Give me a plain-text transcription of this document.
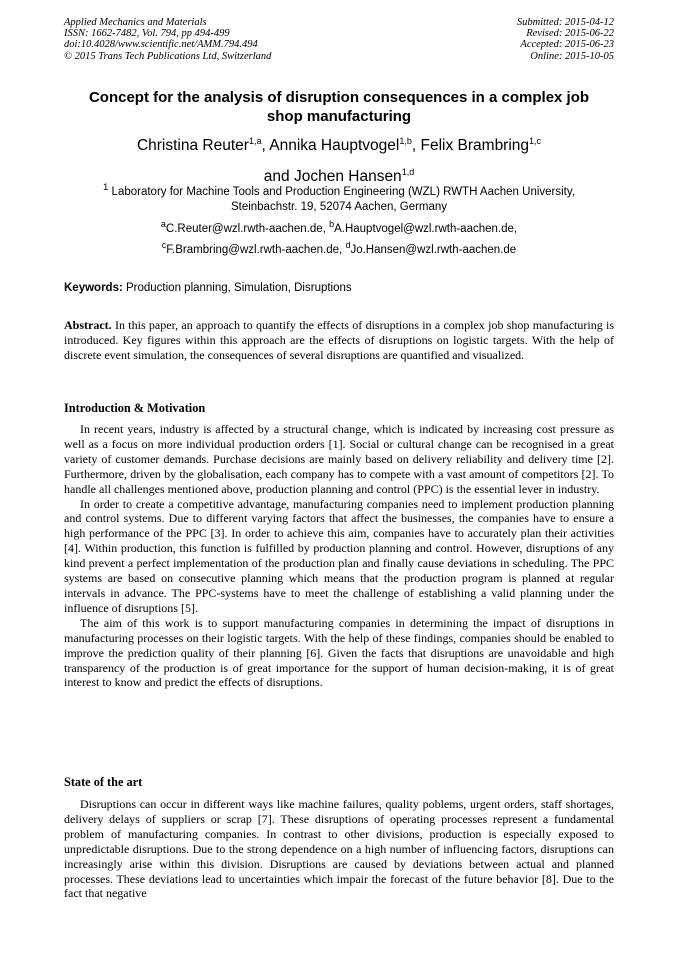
Applied Mechanics and Materials
ISSN: 1662-7482, Vol. 794, pp 494-499
doi:10.4028/www.scientific.net/AMM.794.494
© 2015 Trans Tech Publications Ltd, Switzerland
Submitted: 2015-04-12
Revised: 2015-06-22
Accepted: 2015-06-23
Online: 2015-10-05
Concept for the analysis of disruption consequences in a complex job
shop manufacturing
Christina Reuter$^{1,a}$, Annika Hauptvogel$^{1,b}$, Felix Brambring$^{1,c}$
and Jochen Hansen$^{1,d}$
$^1$ Laboratory for Machine Tools and Production Engineering (WZL) RWTH Aachen University,
Steinbachstr. 19, 52074 Aachen, Germany
$^a$C.Reuter@wzl.rwth-aachen.de, $^b$A.Hauptvogel@wzl.rwth-aachen.de,
$^c$F.Brambring@wzl.rwth-aachen.de, $^d$Jo.Hansen@wzl.rwth-aachen.de
Keywords: Production planning, Simulation, Disruptions

Abstract. In this paper, an approach to quantify the effects of disruptions in a complex job shop manufacturing is introduced. Key figures within this approach are the effects of disruptions on logistic targets. With the help of discrete event simulation, the consequences of several disruptions are quantified and visualized.

Introduction & Motivation

In recent years, industry is affected by a structural change, which is indicated by increasing cost pressure as well as a focus on more individual production orders [1]. Social or cultural change can be recognised in a great variety of customer demands. Purchase decisions are mainly based on delivery reliability and delivery time [2]. Furthermore, driven by the globalisation, each company has to compete with a vast amount of competitors [2]. To handle all challenges mentioned above, production planning and control (PPC) is the essential lever in industry.

In order to create a competitive advantage, manufacturing companies need to implement production planning and control systems. Due to different varying factors that affect the businesses, the companies have to ensure a high performance of the PPC [3]. In order to achieve this aim, companies have to accurately plan their activities [4]. Within production, this function is fulfilled by production planning and control. However, disruptions of any kind prevent a perfect implementation of the production plan and finally cause deviations in scheduling. The PPC systems are based on consecutive planning which means that the production program is planned at regular intervals in advance. The PPC-systems have to meet the challenge of establishing a valid planning under the influence of disruptions [5].

The aim of this work is to support manufacturing companies in determining the impact of disruptions in manufacturing processes on their logistic targets. With the help of these findings, companies should be enabled to improve the prediction quality of their planning [6]. Given the facts that disruptions are unavoidable and high transparency of the production is of great importance for the support of human decision-making, it is of great interest to know and predict the effects of disruptions.

State of the art

Disruptions can occur in different ways like machine failures, quality poblems, urgent orders, staff shortages, delivery delays of suppliers or scrap [7]. These disruptions of operating processes represent a fundamental problem of manufacturing companies. In contrast to other divisions, production is especially exposed to unpredictable disruptions. Due to the strong dependence on a high number of influencing factors, disruptions can increasingly arise within this division. Disruptions are caused by deviations between actual and planned processes. These deviations lead to uncertainties which impair the forecast of the future behavior [8]. Due to the fact that negative
